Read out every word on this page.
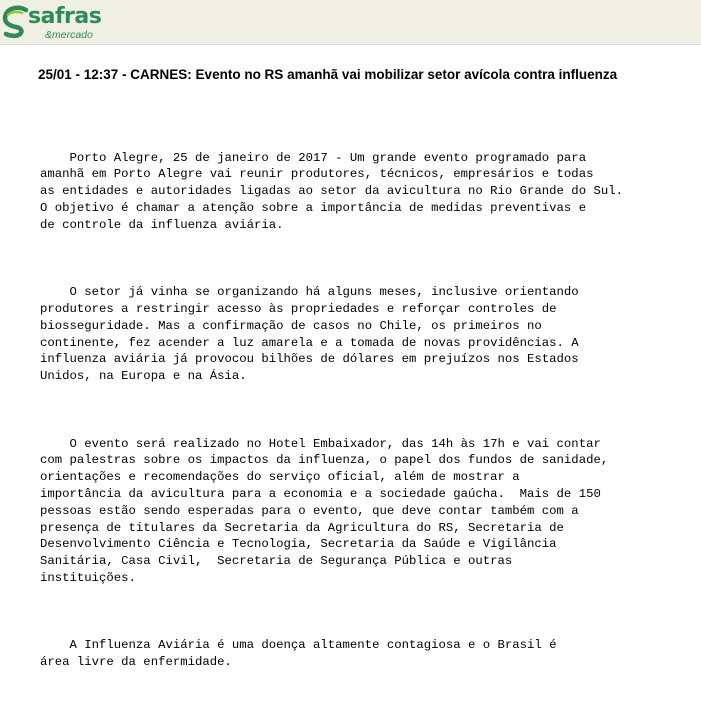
safras
&mercado
25/01 - 12:37 - CARNES: Evento no RS amanhã vai mobilizar setor avícola contra influenza

Porto Alegre, 25 de janeiro de 2017 - Um grande evento programado para
amanhã em Porto Alegre vai reunir produtores, técnicos, empresários e todas
as entidades e autoridades ligadas ao setor da avicultura no Rio Grande do Sul.
O objetivo é chamar a atenção sobre a importância de medidas preventivas e
de controle da influenza aviária.

O setor já vinha se organizando há alguns meses, inclusive orientando
produtores a restringir acesso às propriedades e reforçar controles de
biosseguridade. Mas a confirmação de casos no Chile, os primeiros no
continente, fez acender a luz amarela e a tomada de novas providências. A
influenza aviária já provocou bilhões de dólares em prejuízos nos Estados
Unidos, na Europa e na Ásia.

O evento será realizado no Hotel Embaixador, das 14h às 17h e vai contar
com palestras sobre os impactos da influenza, o papel dos fundos de sanidade,
orientações e recomendações do serviço oficial, além de mostrar a
importância da avicultura para a economia e a sociedade gaúcha.  Mais de 150
pessoas estão sendo esperadas para o evento, que deve contar também com a
presença de titulares da Secretaria da Agricultura do RS, Secretaria de
Desenvolvimento Ciência e Tecnologia, Secretaria da Saúde e Vigilância
Sanitária, Casa Civil,  Secretaria de Segurança Pública e outras
instituições.

A Influenza Aviária é uma doença altamente contagiosa e o Brasil é
área livre da enfermidade.
